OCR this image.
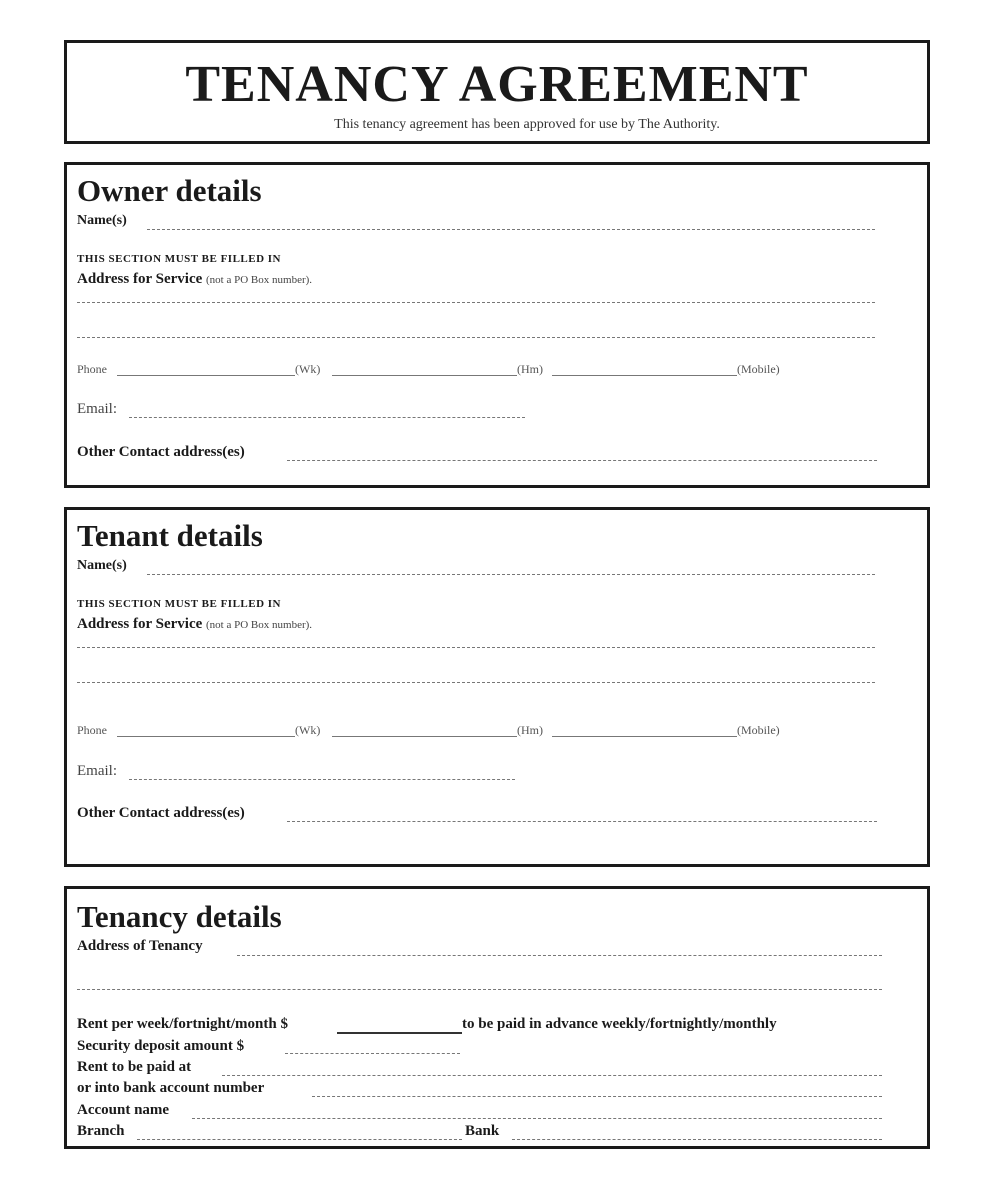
TENANCY AGREEMENT
This tenancy agreement has been approved for use by The Authority.
Owner details
Name(s)
THIS SECTION MUST BE FILLED IN
Address for Service (not a PO Box number).
Phone	(Wk)	(Hm)	(Mobile)
Email:
Other Contact address(es)
Tenant details
Name(s)
THIS SECTION MUST BE FILLED IN
Address for Service (not a PO Box number).
Phone	(Wk)	(Hm)	(Mobile)
Email:
Other Contact address(es)
Tenancy details
Address of Tenancy
Rent per week/fortnight/month $	to be paid in advance weekly/fortnightly/monthly
Security deposit amount $
Rent to be paid at
or into bank account number
Account name
Branch	Bank
